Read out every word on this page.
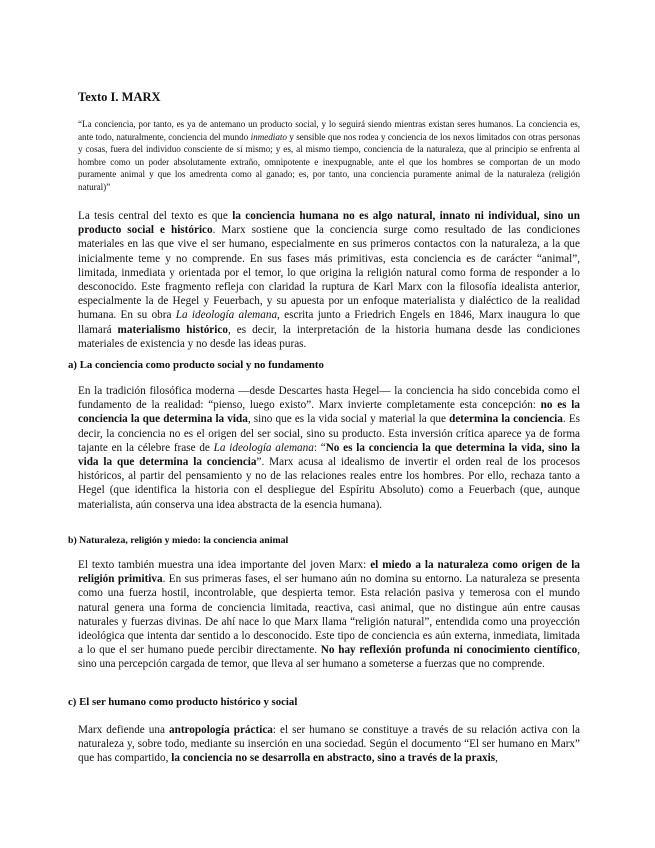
Texto I. MARX

“La conciencia, por tanto, es ya de antemano un producto social, y lo seguirá siendo mientras existan seres humanos. La conciencia es, ante todo, naturalmente, conciencia del mundo inmediato y sensible que nos rodea y conciencia de los nexos limitados con otras personas y cosas, fuera del individuo consciente de sí mismo; y es, al mismo tiempo, conciencia de la naturaleza, que al principio se enfrenta al hombre como un poder absolutamente extraño, omnipotente e inexpugnable, ante el que los hombres se comportan de un modo puramente animal y que los amedrenta como al ganado; es, por tanto, una conciencia puramente animal de la naturaleza (religión natural)”

La tesis central del texto es que la conciencia humana no es algo natural, innato ni individual, sino un producto social e histórico. Marx sostiene que la conciencia surge como resultado de las condiciones materiales en las que vive el ser humano, especialmente en sus primeros contactos con la naturaleza, a la que inicialmente teme y no comprende. En sus fases más primitivas, esta conciencia es de carácter “animal”, limitada, inmediata y orientada por el temor, lo que origina la religión natural como forma de responder a lo desconocido. Este fragmento refleja con claridad la ruptura de Karl Marx con la filosofía idealista anterior, especialmente la de Hegel y Feuerbach, y su apuesta por un enfoque materialista y dialéctico de la realidad humana. En su obra La ideología alemana, escrita junto a Friedrich Engels en 1846, Marx inaugura lo que llamará materialismo histórico, es decir, la interpretación de la historia humana desde las condiciones materiales de existencia y no desde las ideas puras.

a) La conciencia como producto social y no fundamento

En la tradición filosófica moderna —desde Descartes hasta Hegel— la conciencia ha sido concebida como el fundamento de la realidad: “pienso, luego existo”. Marx invierte completamente esta concepción: no es la conciencia la que determina la vida, sino que es la vida social y material la que determina la conciencia. Es decir, la conciencia no es el origen del ser social, sino su producto. Esta inversión crítica aparece ya de forma tajante en la célebre frase de La ideología alemana: “No es la conciencia la que determina la vida, sino la vida la que determina la conciencia”. Marx acusa al idealismo de invertir el orden real de los procesos históricos, al partir del pensamiento y no de las relaciones reales entre los hombres. Por ello, rechaza tanto a Hegel (que identifica la historia con el despliegue del Espíritu Absoluto) como a Feuerbach (que, aunque materialista, aún conserva una idea abstracta de la esencia humana).

b) Naturaleza, religión y miedo: la conciencia animal

El texto también muestra una idea importante del joven Marx: el miedo a la naturaleza como origen de la religión primitiva. En sus primeras fases, el ser humano aún no domina su entorno. La naturaleza se presenta como una fuerza hostil, incontrolable, que despierta temor. Esta relación pasiva y temerosa con el mundo natural genera una forma de conciencia limitada, reactiva, casi animal, que no distingue aún entre causas naturales y fuerzas divinas. De ahí nace lo que Marx llama “religión natural”, entendida como una proyección ideológica que intenta dar sentido a lo desconocido. Este tipo de conciencia es aún externa, inmediata, limitada a lo que el ser humano puede percibir directamente. No hay reflexión profunda ni conocimiento científico, sino una percepción cargada de temor, que lleva al ser humano a someterse a fuerzas que no comprende.

c) El ser humano como producto histórico y social

Marx defiende una antropología práctica: el ser humano se constituye a través de su relación activa con la naturaleza y, sobre todo, mediante su inserción en una sociedad. Según el documento “El ser humano en Marx” que has compartido, la conciencia no se desarrolla en abstracto, sino a través de la praxis,
